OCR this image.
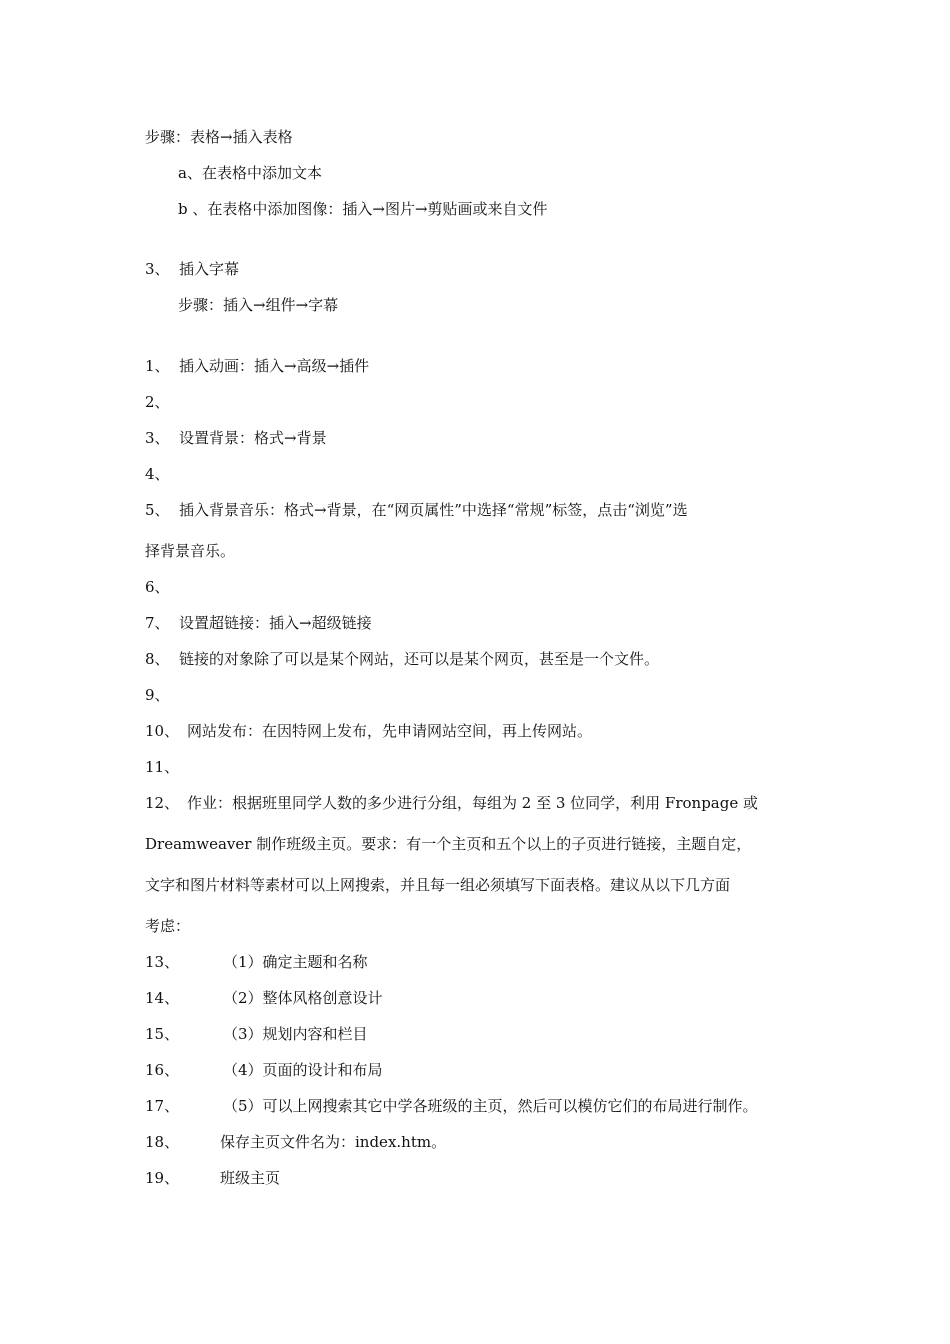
步骤：表格→插入表格
a、在表格中添加文本
b 、在表格中添加图像：插入→图片→剪贴画或来自文件
3、 插入字幕
步骤：插入→组件→字幕
1、 插入动画：插入→高级→插件
2、
3、 设置背景：格式→背景
4、
5、 插入背景音乐：格式→背景，在“网页属性”中选择“常规”标签，点击“浏览”选
择背景音乐。
6、
7、 设置超链接：插入→超级链接
8、 链接的对象除了可以是某个网站，还可以是某个网页，甚至是一个文件。
9、
10、 网站发布：在因特网上发布，先申请网站空间，再上传网站。
11、
12、 作业：根据班里同学人数的多少进行分组，每组为 2 至 3 位同学，利用 Fronpage 或
Dreamweaver 制作班级主页。要求：有一个主页和五个以上的子页进行链接，主题自定，
文字和图片材料等素材可以上网搜索，并且每一组必须填写下面表格。建议从以下几方面
考虑：
13、	（1）确定主题和名称
14、	（2）整体风格创意设计
15、	（3）规划内容和栏目
16、	（4）页面的设计和布局
17、	（5）可以上网搜索其它中学各班级的主页，然后可以模仿它们的布局进行制作。
18、	保存主页文件名为：index.htm。
19、	班级主页
